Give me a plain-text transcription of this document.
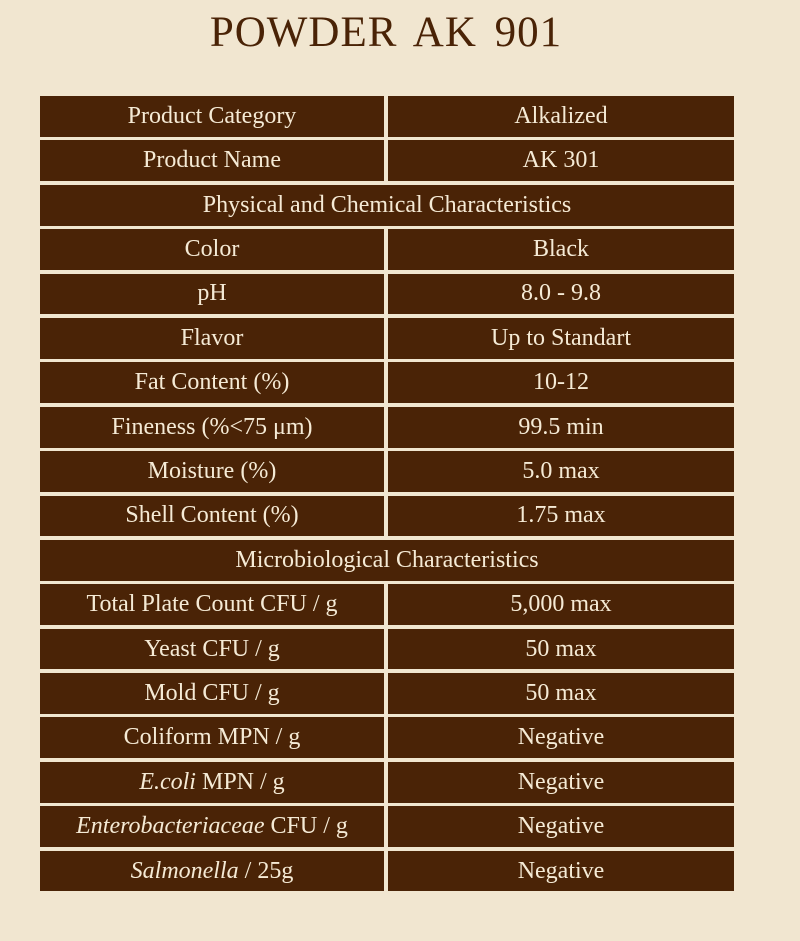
POWDER AK 901
Product Category	Alkalized
Product Name	AK 301
Physical and Chemical Characteristics
Color	Black
pH	8.0 - 9.8
Flavor	Up to Standart
Fat Content (%)	10-12
Fineness (%<75 μm)	99.5 min
Moisture (%)	5.0 max
Shell Content (%)	1.75 max
Microbiological Characteristics
Total Plate Count CFU / g	5,000 max
Yeast CFU / g	50 max
Mold CFU / g	50 max
Coliform MPN / g	Negative
E.coli MPN / g	Negative
Enterobacteriaceae CFU / g	Negative
Salmonella / 25g	Negative
